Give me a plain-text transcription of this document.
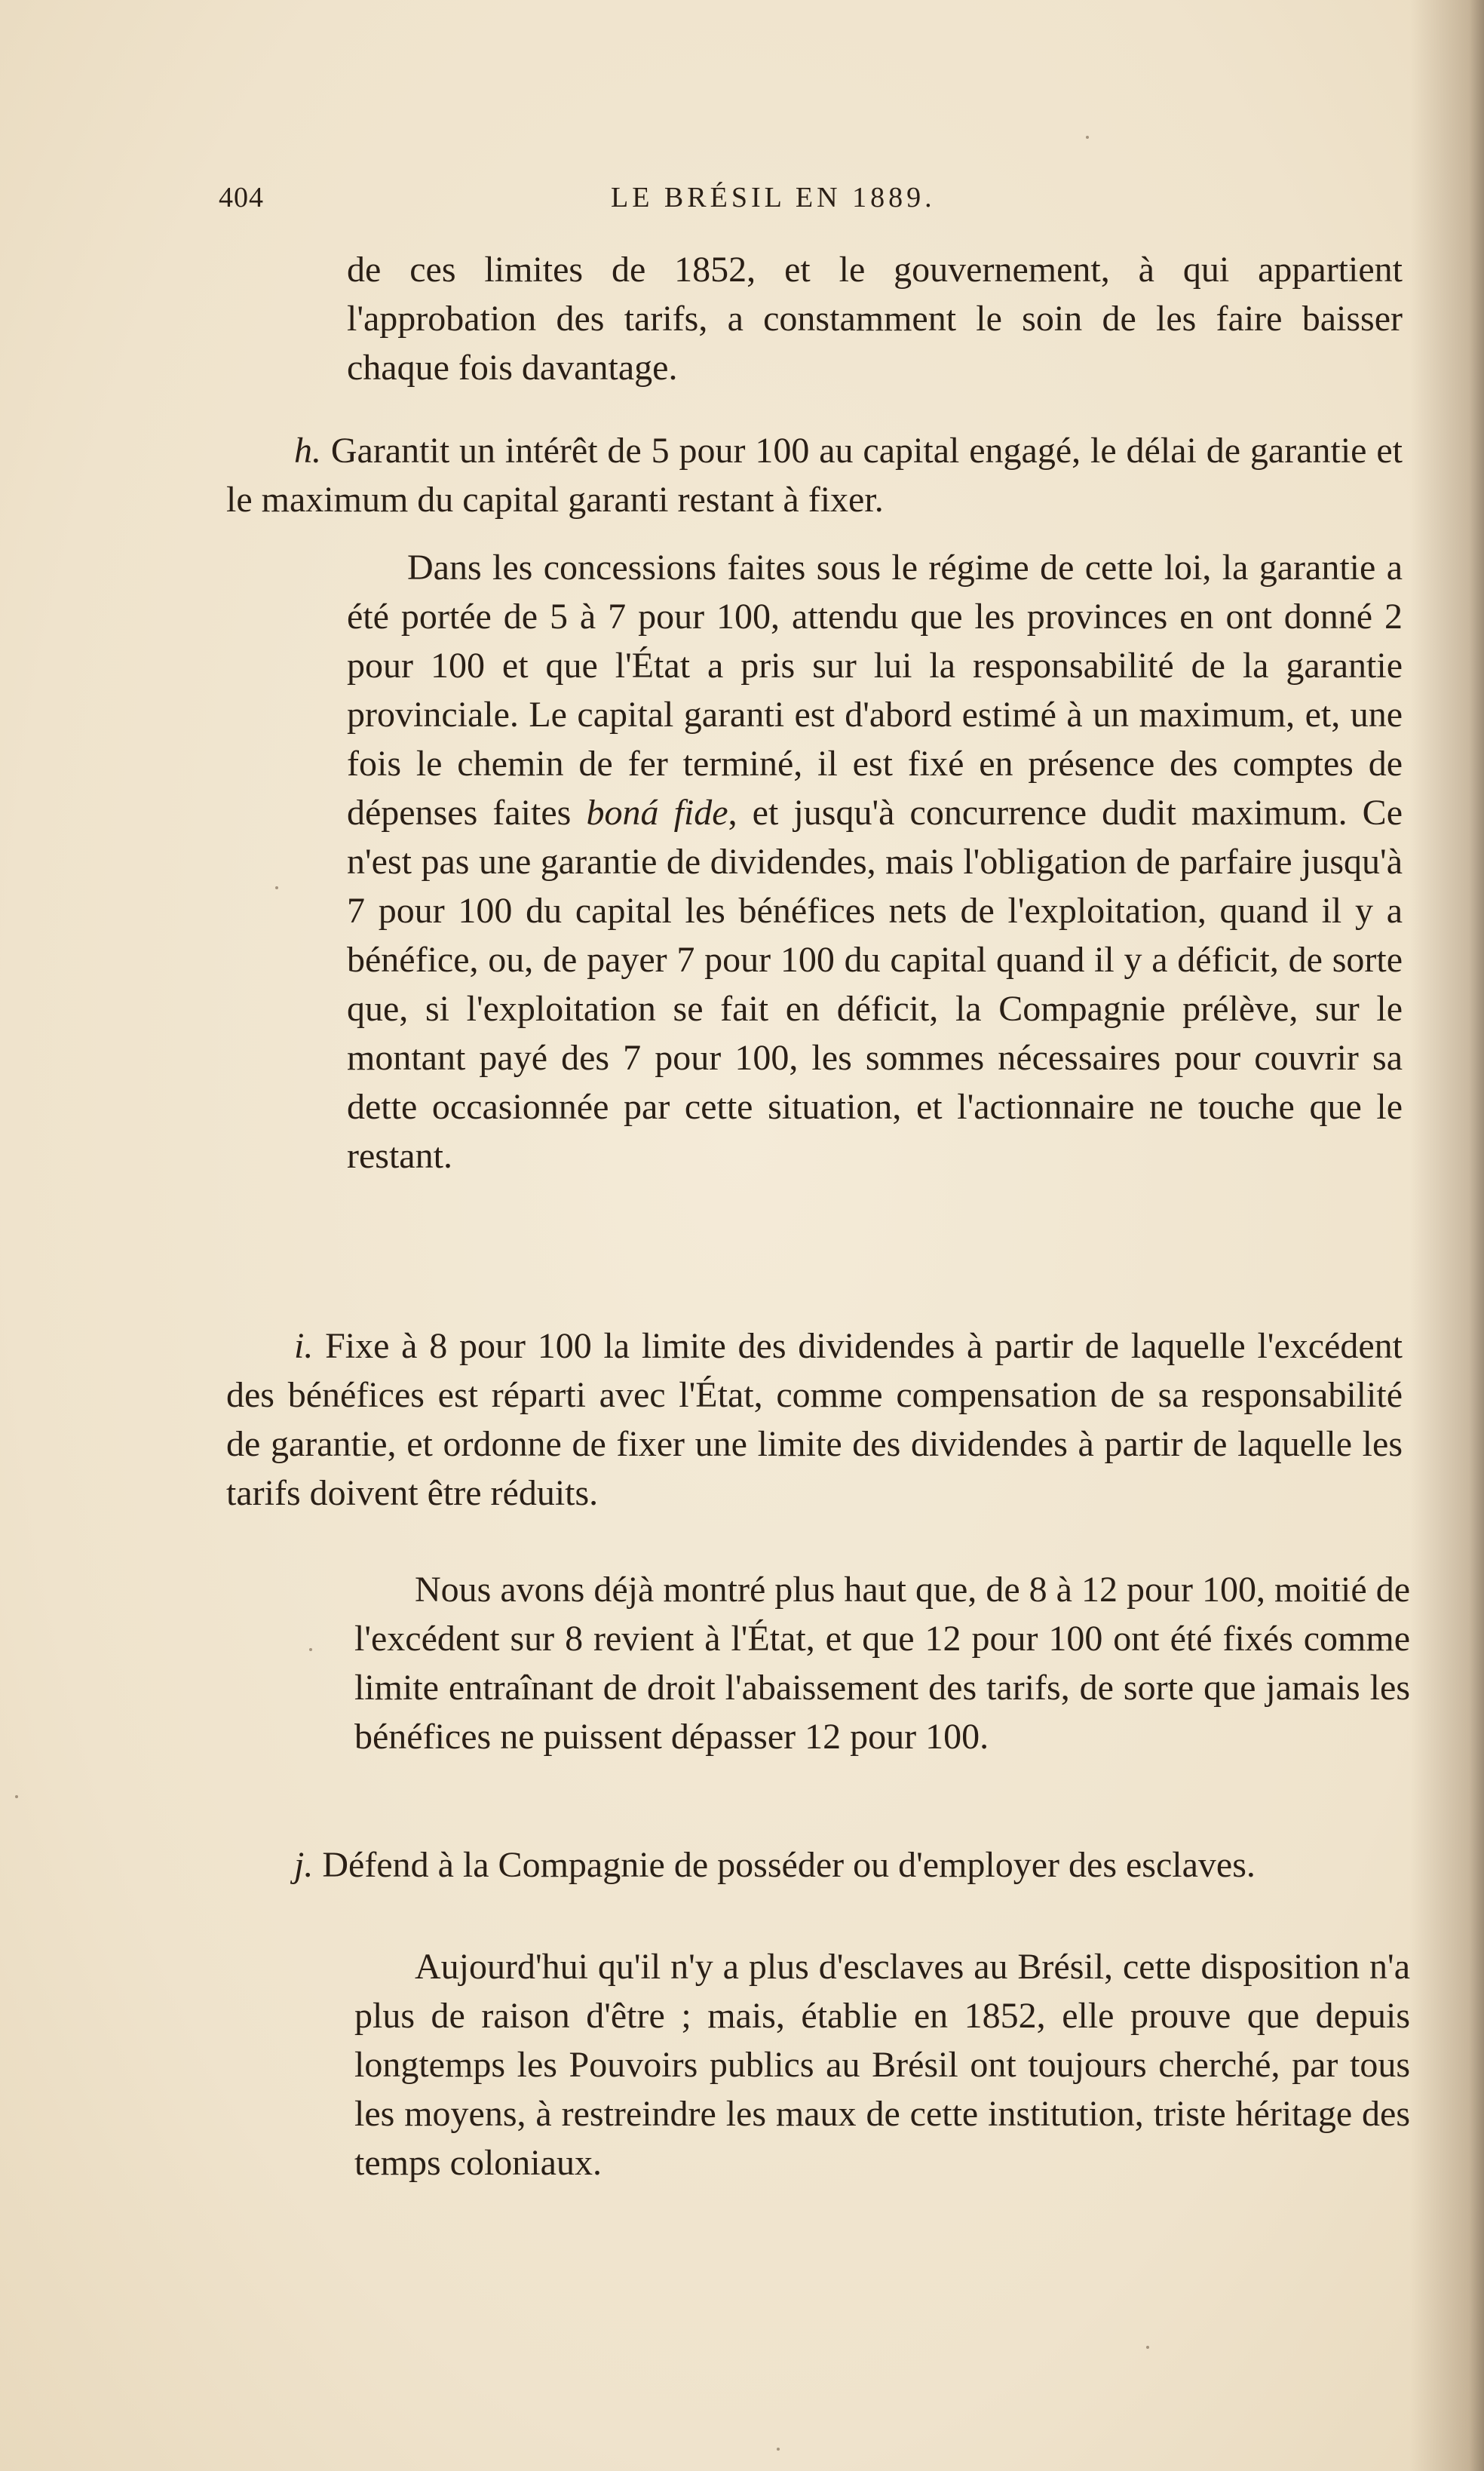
404	LE BRÉSIL EN 1889.

de ces limites de 1852, et le gouvernement, à qui appartient l'approbation des tarifs, a constamment le soin de les faire baisser chaque fois davantage.

h. Garantit un intérêt de 5 pour 100 au capital engagé, le délai de garantie et le maximum du capital garanti restant à fixer.

Dans les concessions faites sous le régime de cette loi, la garantie a été portée de 5 à 7 pour 100, attendu que les provinces en ont donné 2 pour 100 et que l'État a pris sur lui la responsabilité de la garantie provinciale. Le capital garanti est d'abord estimé à un maximum, et, une fois le chemin de fer terminé, il est fixé en présence des comptes de dépenses faites boná fide, et jusqu'à concurrence dudit maximum. Ce n'est pas une garantie de dividendes, mais l'obligation de parfaire jusqu'à 7 pour 100 du capital les bénéfices nets de l'exploitation, quand il y a bénéfice, ou, de payer 7 pour 100 du capital quand il y a déficit, de sorte que, si l'exploitation se fait en déficit, la Compagnie prélève, sur le montant payé des 7 pour 100, les sommes nécessaires pour couvrir sa dette occasionnée par cette situation, et l'actionnaire ne touche que le restant.

i. Fixe à 8 pour 100 la limite des dividendes à partir de laquelle l'excédent des bénéfices est réparti avec l'État, comme compensation de sa responsabilité de garantie, et ordonne de fixer une limite des dividendes à partir de laquelle les tarifs doivent être réduits.

Nous avons déjà montré plus haut que, de 8 à 12 pour 100, moitié de l'excédent sur 8 revient à l'État, et que 12 pour 100 ont été fixés comme limite entraînant de droit l'abaissement des tarifs, de sorte que jamais les bénéfices ne puissent dépasser 12 pour 100.

j. Défend à la Compagnie de posséder ou d'employer des esclaves.

Aujourd'hui qu'il n'y a plus d'esclaves au Brésil, cette disposition n'a plus de raison d'être ; mais, établie en 1852, elle prouve que depuis longtemps les Pouvoirs publics au Brésil ont toujours cherché, par tous les moyens, à restreindre les maux de cette institution, triste héritage des temps coloniaux.
